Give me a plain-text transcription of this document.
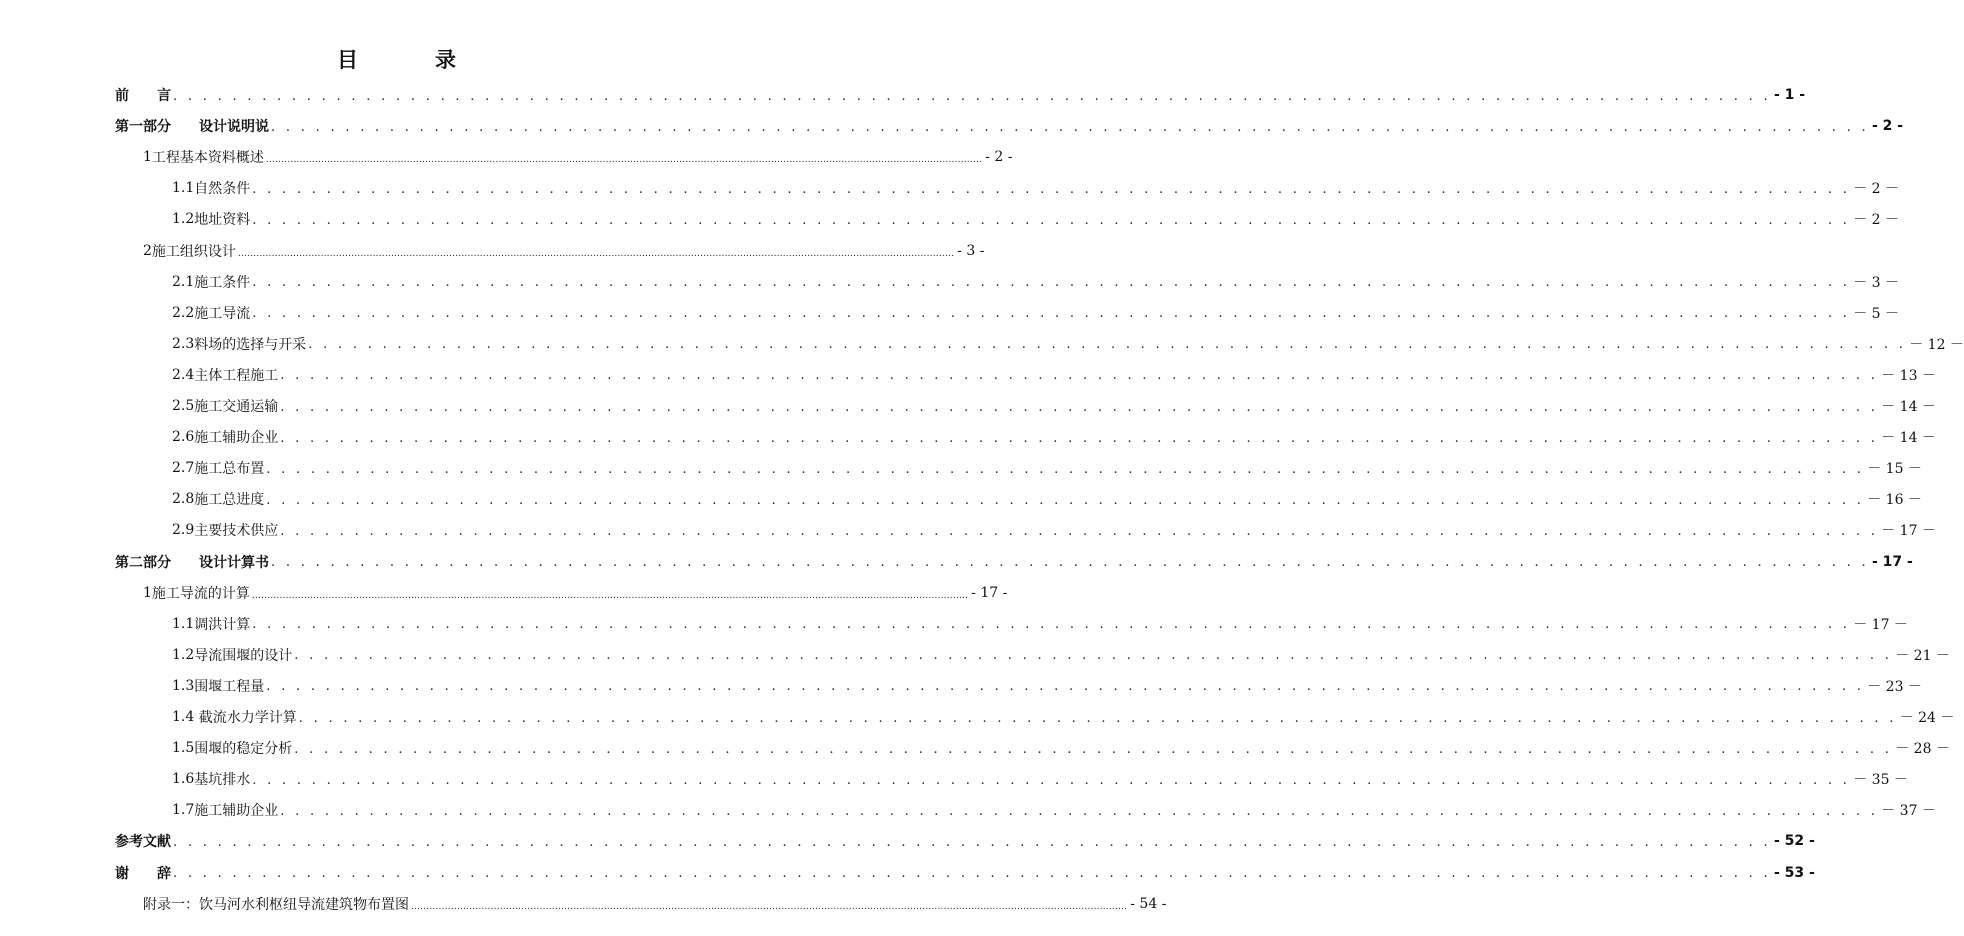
目　录
前　　言 . . . . . . . . . . . . . . . . . . . . . . . . . . . . . . . . . . . . . . . . . . . . . . . . . . . . . . . . . . . . . . . . . . . . . . . . . . . . . . . . . . . . . . . . . . . . . . . . . . . . . . . . . . . . - 1 -
第一部分　　设计说明说 . . . . . . . . . . . . . . . . . . . . . . . . . . . . . . . . . . . . . . . . . . . . . . . . . . . . . . . . . . . . . . . . . . . . . . . . . . . . . . . . . . . . . . . . . . . . . . . . . . . . . . . . . . . . - 2 -
1 工程基本资料概述 .......................................................................................................................................................................................................................................... - 2 -
1.1 自然条件 . . . . . . . . . . . . . . . . . . . . . . . . . . . . . . . . . . . . . . . . . . . . . . . . . . . . . . . . . . . . . . . . . . . . . . . . . . . . . . . . . . . . . . . . . . . . . . . . . . . . . . . . . . . . － 2 －
1.2 地址资料 . . . . . . . . . . . . . . . . . . . . . . . . . . . . . . . . . . . . . . . . . . . . . . . . . . . . . . . . . . . . . . . . . . . . . . . . . . . . . . . . . . . . . . . . . . . . . . . . . . . . . . . . . . . . － 2 －
2 施工组织设计 .......................................................................................................................................................................................................................................... - 3 -
2.1 施工条件 . . . . . . . . . . . . . . . . . . . . . . . . . . . . . . . . . . . . . . . . . . . . . . . . . . . . . . . . . . . . . . . . . . . . . . . . . . . . . . . . . . . . . . . . . . . . . . . . . . . . . . . . . . . . － 3 －
2.2 施工导流 . . . . . . . . . . . . . . . . . . . . . . . . . . . . . . . . . . . . . . . . . . . . . . . . . . . . . . . . . . . . . . . . . . . . . . . . . . . . . . . . . . . . . . . . . . . . . . . . . . . . . . . . . . . . － 5 －
2.3 料场的选择与开采 . . . . . . . . . . . . . . . . . . . . . . . . . . . . . . . . . . . . . . . . . . . . . . . . . . . . . . . . . . . . . . . . . . . . . . . . . . . . . . . . . . . . . . . . . . . . . . . . . . . . . . . . . . . . － 12 －
2.4 主体工程施工 . . . . . . . . . . . . . . . . . . . . . . . . . . . . . . . . . . . . . . . . . . . . . . . . . . . . . . . . . . . . . . . . . . . . . . . . . . . . . . . . . . . . . . . . . . . . . . . . . . . . . . . . . . . . － 13 －
2.5 施工交通运输 . . . . . . . . . . . . . . . . . . . . . . . . . . . . . . . . . . . . . . . . . . . . . . . . . . . . . . . . . . . . . . . . . . . . . . . . . . . . . . . . . . . . . . . . . . . . . . . . . . . . . . . . . . . . － 14 －
2.6 施工辅助企业 . . . . . . . . . . . . . . . . . . . . . . . . . . . . . . . . . . . . . . . . . . . . . . . . . . . . . . . . . . . . . . . . . . . . . . . . . . . . . . . . . . . . . . . . . . . . . . . . . . . . . . . . . . . . － 14 －
2.7 施工总布置 . . . . . . . . . . . . . . . . . . . . . . . . . . . . . . . . . . . . . . . . . . . . . . . . . . . . . . . . . . . . . . . . . . . . . . . . . . . . . . . . . . . . . . . . . . . . . . . . . . . . . . . . . . . . － 15 －
2.8 施工总进度 . . . . . . . . . . . . . . . . . . . . . . . . . . . . . . . . . . . . . . . . . . . . . . . . . . . . . . . . . . . . . . . . . . . . . . . . . . . . . . . . . . . . . . . . . . . . . . . . . . . . . . . . . . . . － 16 －
2.9 主要技术供应 . . . . . . . . . . . . . . . . . . . . . . . . . . . . . . . . . . . . . . . . . . . . . . . . . . . . . . . . . . . . . . . . . . . . . . . . . . . . . . . . . . . . . . . . . . . . . . . . . . . . . . . . . . . . － 17 －
第二部分　　设计计算书 . . . . . . . . . . . . . . . . . . . . . . . . . . . . . . . . . . . . . . . . . . . . . . . . . . . . . . . . . . . . . . . . . . . . . . . . . . . . . . . . . . . . . . . . . . . . . . . . . . . . . . . . . . . . - 17 -
1 施工导流的计算 .......................................................................................................................................................................................................................................... - 17 -
1.1 调洪计算 . . . . . . . . . . . . . . . . . . . . . . . . . . . . . . . . . . . . . . . . . . . . . . . . . . . . . . . . . . . . . . . . . . . . . . . . . . . . . . . . . . . . . . . . . . . . . . . . . . . . . . . . . . . . － 17 －
1.2 导流围堰的设计 . . . . . . . . . . . . . . . . . . . . . . . . . . . . . . . . . . . . . . . . . . . . . . . . . . . . . . . . . . . . . . . . . . . . . . . . . . . . . . . . . . . . . . . . . . . . . . . . . . . . . . . . . . . . － 21 －
1.3 围堰工程量 . . . . . . . . . . . . . . . . . . . . . . . . . . . . . . . . . . . . . . . . . . . . . . . . . . . . . . . . . . . . . . . . . . . . . . . . . . . . . . . . . . . . . . . . . . . . . . . . . . . . . . . . . . . . － 23 －
1.4 截流水力学计算 . . . . . . . . . . . . . . . . . . . . . . . . . . . . . . . . . . . . . . . . . . . . . . . . . . . . . . . . . . . . . . . . . . . . . . . . . . . . . . . . . . . . . . . . . . . . . . . . . . . . . . . . . . . . － 24 －
1.5 围堰的稳定分析 . . . . . . . . . . . . . . . . . . . . . . . . . . . . . . . . . . . . . . . . . . . . . . . . . . . . . . . . . . . . . . . . . . . . . . . . . . . . . . . . . . . . . . . . . . . . . . . . . . . . . . . . . . . . － 28 －
1.6 基坑排水 . . . . . . . . . . . . . . . . . . . . . . . . . . . . . . . . . . . . . . . . . . . . . . . . . . . . . . . . . . . . . . . . . . . . . . . . . . . . . . . . . . . . . . . . . . . . . . . . . . . . . . . . . . . . － 35 －
1.7 施工辅助企业 . . . . . . . . . . . . . . . . . . . . . . . . . . . . . . . . . . . . . . . . . . . . . . . . . . . . . . . . . . . . . . . . . . . . . . . . . . . . . . . . . . . . . . . . . . . . . . . . . . . . . . . . . . . . － 37 －
参考文献 . . . . . . . . . . . . . . . . . . . . . . . . . . . . . . . . . . . . . . . . . . . . . . . . . . . . . . . . . . . . . . . . . . . . . . . . . . . . . . . . . . . . . . . . . . . . . . . . . . . . . . . . . . . . - 52 -
谢　　辞 . . . . . . . . . . . . . . . . . . . . . . . . . . . . . . . . . . . . . . . . . . . . . . . . . . . . . . . . . . . . . . . . . . . . . . . . . . . . . . . . . . . . . . . . . . . . . . . . . . . . . . . . . . . . - 53 -
附录一：饮马河水利枢纽导流建筑物布置图 .......................................................................................................................................................................................................................................... - 54 -
